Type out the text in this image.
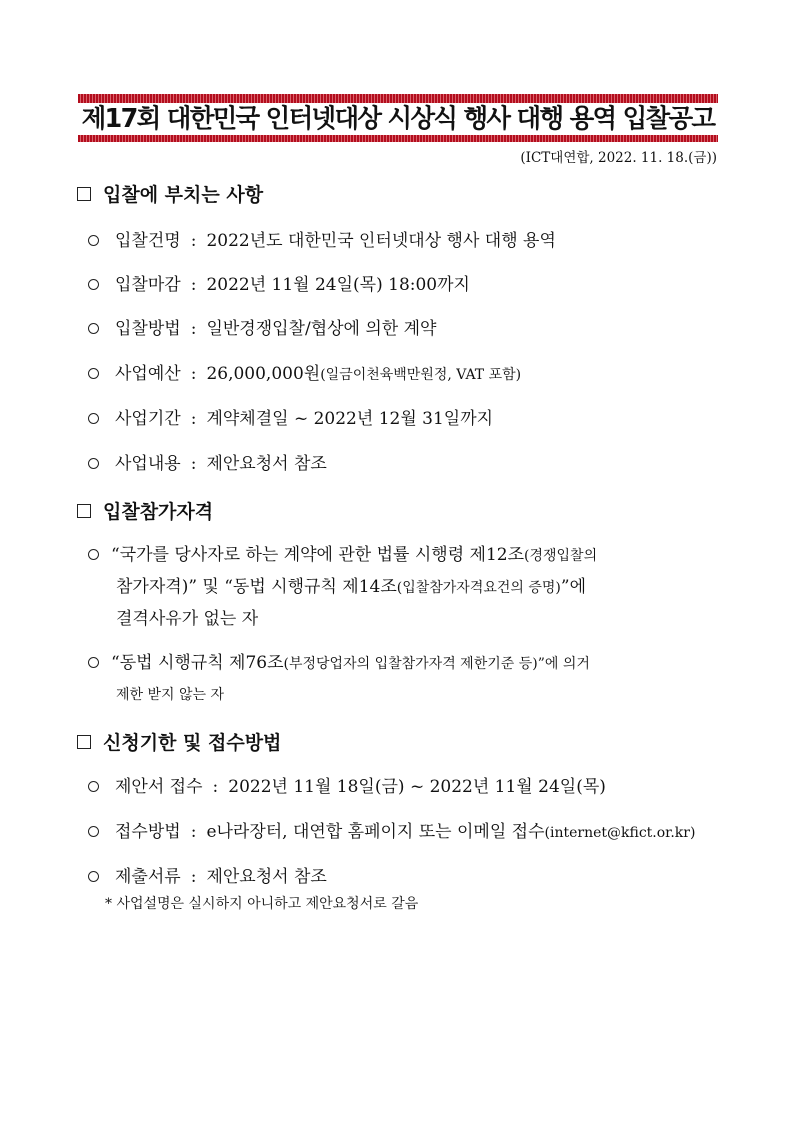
제17회 대한민국 인터넷대상 시상식 행사 대행 용역 입찰공고
(ICT대연합, 2022. 11. 18.(금))
입찰에 부치는 사항
입찰건명 : 2022년도 대한민국 인터넷대상 행사 대행 용역
입찰마감 : 2022년 11월 24일(목) 18:00까지
입찰방법 : 일반경쟁입찰/협상에 의한 계약
사업예산 : 26,000,000원 (일금이천육백만원정, VAT 포함)
사업기간 : 계약체결일 ~ 2022년 12월 31일까지
사업내용 : 제안요청서 참조
입찰참가자격
“국가를 당사자로 하는 계약에 관한 법률 시행령 제12조(경쟁입찰의
참가자격)” 및 “동법 시행규칙 제14조 (입찰참가자격요건의 증명) ”에
결격사유가 없는 자
“동법 시행규칙 제76조(부정당업자의 입찰참가자격 제한기준 등)”에 의거
제한 받지 않는 자
신청기한 및 접수방법
제안서 접수 : 2022년 11월 18일(금) ~ 2022년 11월 24일(목)
접수방법 : e나라장터, 대연합 홈페이지 또는 이메일 접수 (internet@kfict.or.kr)
제출서류 : 제안요청서 참조
* 사업설명은 실시하지 아니하고 제안요청서로 갈음
